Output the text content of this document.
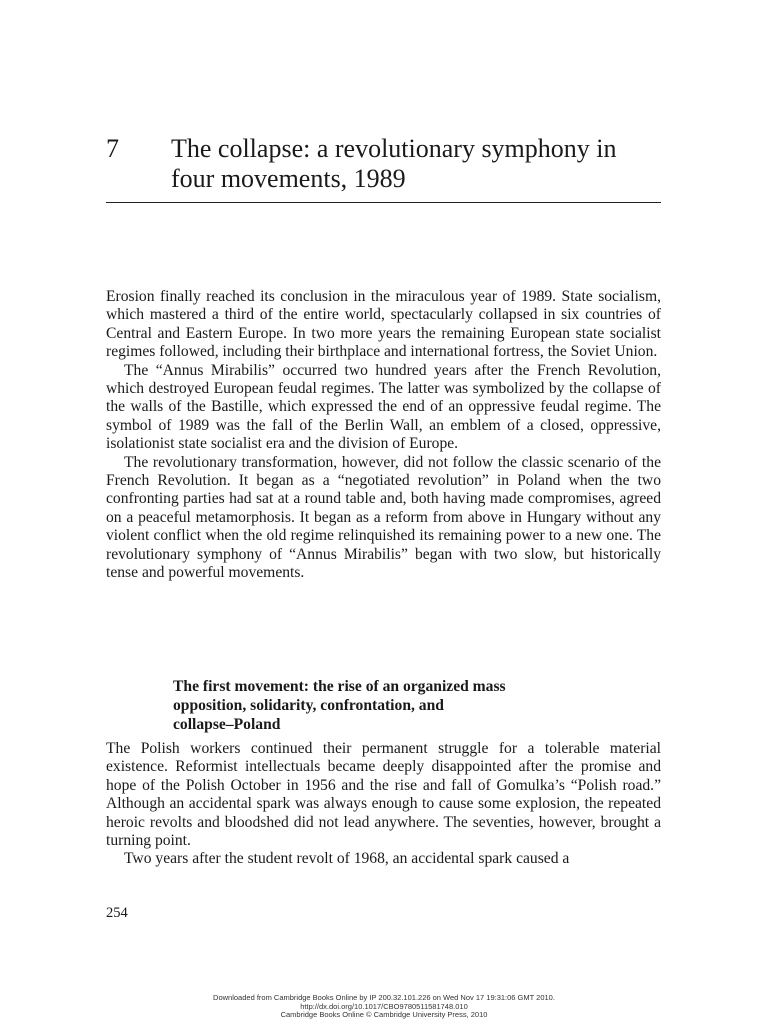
7 The collapse: a revolutionary symphony in
four movements, 1989

Erosion finally reached its conclusion in the miraculous year of 1989. State socialism, which mastered a third of the entire world, spectacularly collapsed in six countries of Central and Eastern Europe. In two more years the remaining European state socialist regimes followed, including their birthplace and international fortress, the Soviet Union.

The “Annus Mirabilis” occurred two hundred years after the French Revolution, which destroyed European feudal regimes. The latter was symbolized by the collapse of the walls of the Bastille, which expressed the end of an oppressive feudal regime. The symbol of 1989 was the fall of the Berlin Wall, an emblem of a closed, oppressive, isolationist state socialist era and the division of Europe.

The revolutionary transformation, however, did not follow the classic scenario of the French Revolution. It began as a “negotiated revolution” in Poland when the two confronting parties had sat at a round table and, both having made compromises, agreed on a peaceful metamorphosis. It began as a reform from above in Hungary without any violent conflict when the old regime relinquished its remaining power to a new one. The revolutionary symphony of “Annus Mirabilis” began with two slow, but historically tense and powerful movements.

The first movement: the rise of an organized mass
opposition, solidarity, confrontation, and
collapse–Poland

The Polish workers continued their permanent struggle for a tolerable material existence. Reformist intellectuals became deeply disappointed after the promise and hope of the Polish October in 1956 and the rise and fall of Gomulka’s “Polish road.” Although an accidental spark was always enough to cause some explosion, the repeated heroic revolts and bloodshed did not lead anywhere. The seventies, however, brought a turning point.

Two years after the student revolt of 1968, an accidental spark caused a

254
Downloaded from Cambridge Books Online by IP 200.32.101.226 on Wed Nov 17 19:31:06 GMT 2010.
http://dx.doi.org/10.1017/CBO9780511581748.010
Cambridge Books Online © Cambridge University Press, 2010
